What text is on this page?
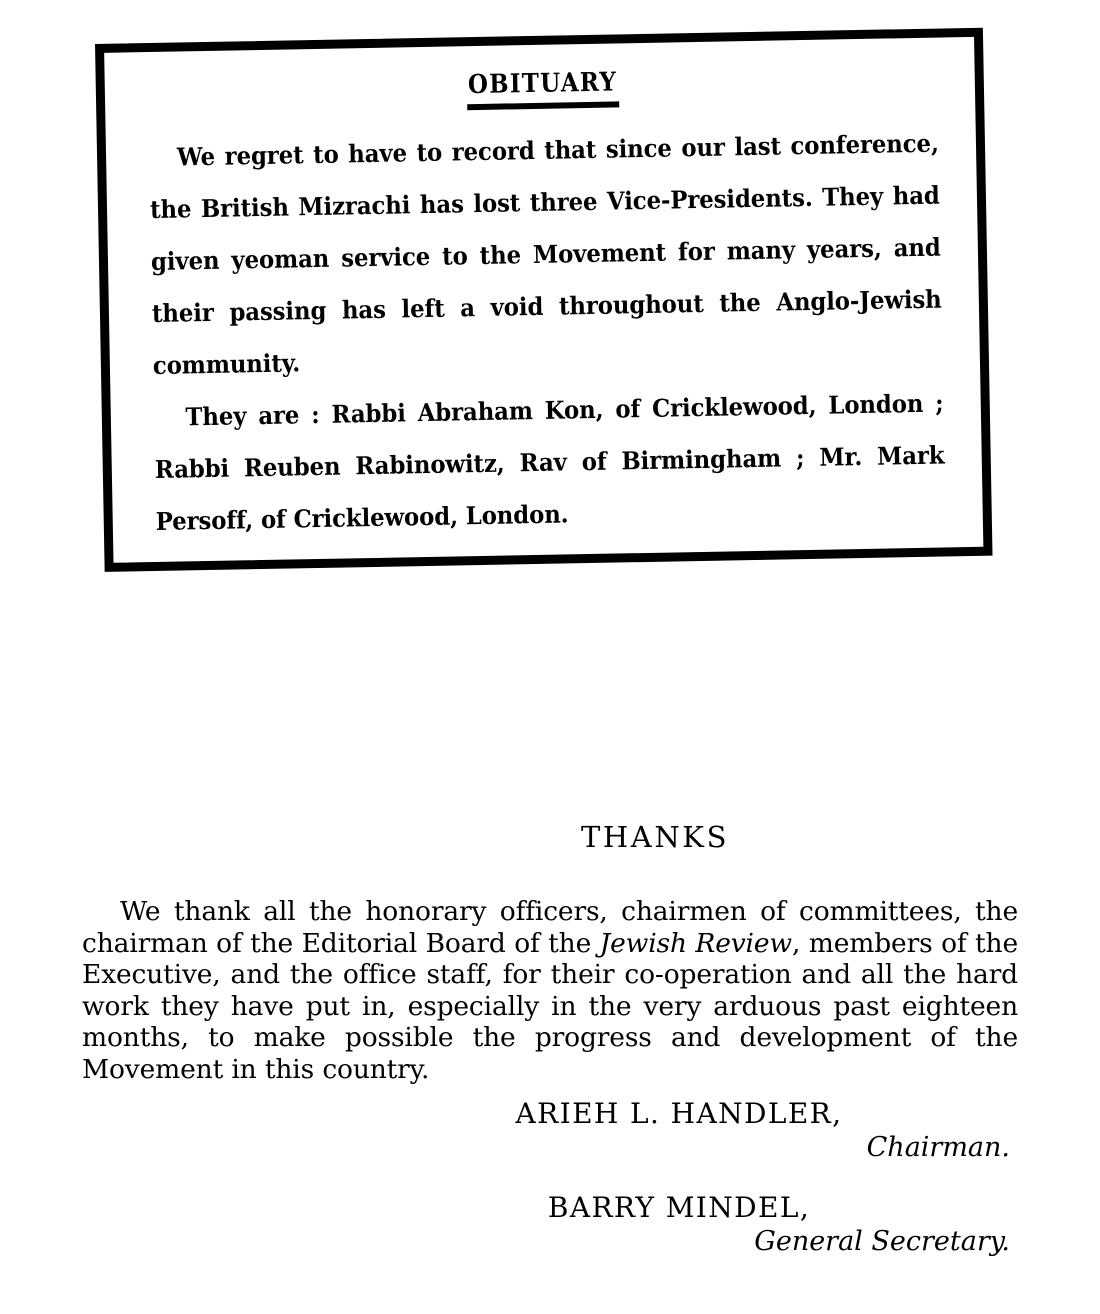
OBITUARY

We regret to have to record that since our last conference, the British Mizrachi has lost three Vice-Presidents. They had given yeoman service to the Movement for many years, and their passing has left a void throughout the Anglo-Jewish community.

They are : Rabbi Abraham Kon, of Cricklewood, London ; Rabbi Reuben Rabinowitz, Rav of Birmingham ; Mr. Mark Persoff, of Cricklewood, London.

THANKS

We thank all the honorary officers, chairmen of committees, the chairman of the Editorial Board of the Jewish Review, members of the Executive, and the office staff, for their co-operation and all the hard work they have put in, especially in the very arduous past eighteen months, to make possible the progress and development of the Movement in this country.

ARIEH L. HANDLER,
Chairman.
BARRY MINDEL,
General Secretary.
